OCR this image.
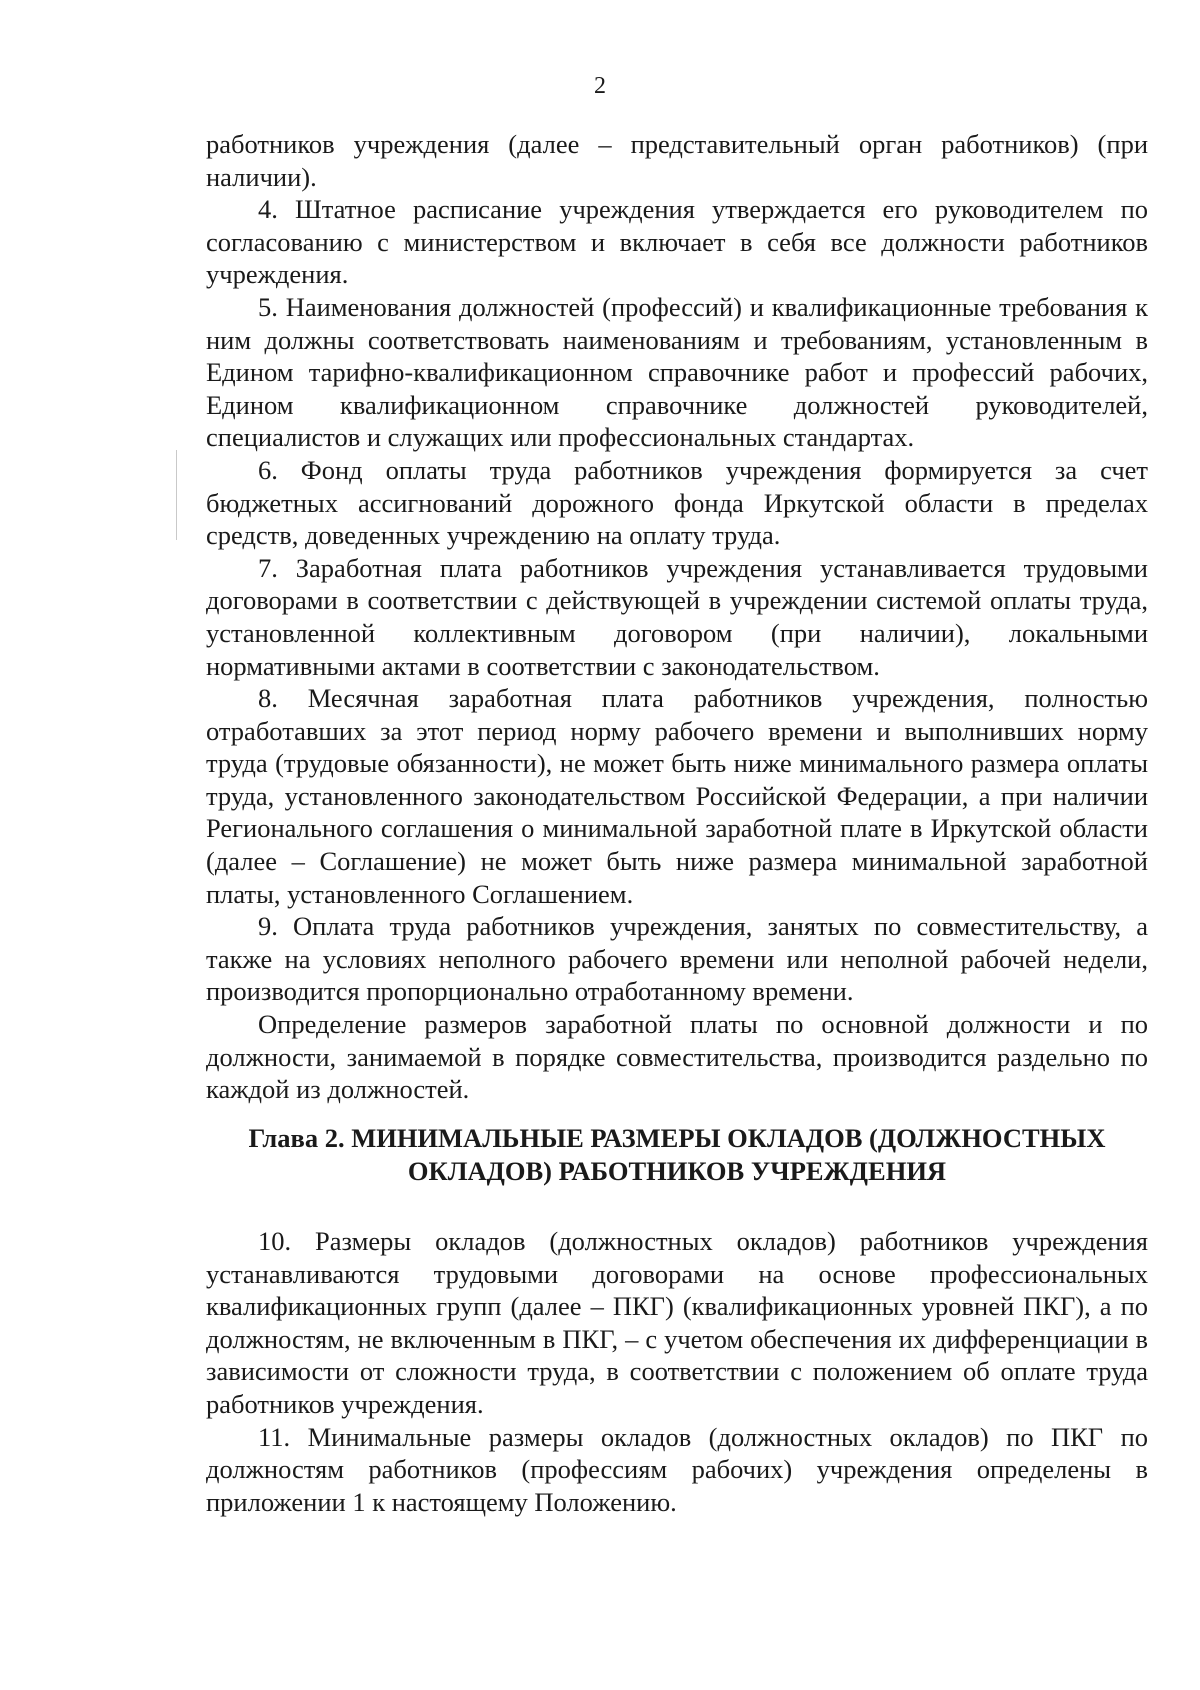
2

работников учреждения (далее – представительный орган работников) (при наличии).

4. Штатное расписание учреждения утверждается его руководителем по согласованию с министерством и включает в себя все должности работников учреждения.

5. Наименования должностей (профессий) и квалификационные требования к ним должны соответствовать наименованиям и требованиям, установленным в Едином тарифно-квалификационном справочнике работ и профессий рабочих, Едином квалификационном справочнике должностей руководителей, специалистов и служащих или профессиональных стандартах.

6. Фонд оплаты труда работников учреждения формируется за счет бюджетных ассигнований дорожного фонда Иркутской области в пределах средств, доведенных учреждению на оплату труда.

7. Заработная плата работников учреждения устанавливается трудовыми договорами в соответствии с действующей в учреждении системой оплаты труда, установленной коллективным договором (при наличии), локальными нормативными актами в соответствии с законодательством.

8. Месячная заработная плата работников учреждения, полностью отработавших за этот период норму рабочего времени и выполнивших норму труда (трудовые обязанности), не может быть ниже минимального размера оплаты труда, установленного законодательством Российской Федерации, а при наличии Регионального соглашения о минимальной заработной плате в Иркутской области (далее – Соглашение) не может быть ниже размера минимальной заработной платы, установленного Соглашением.

9. Оплата труда работников учреждения, занятых по совместительству, а также на условиях неполного рабочего времени или неполной рабочей недели, производится пропорционально отработанному времени.

Определение размеров заработной платы по основной должности и по должности, занимаемой в порядке совместительства, производится раздельно по каждой из должностей.

Глава 2. МИНИМАЛЬНЫЕ РАЗМЕРЫ ОКЛАДОВ (ДОЛЖНОСТНЫХ
ОКЛАДОВ) РАБОТНИКОВ УЧРЕЖДЕНИЯ

10. Размеры окладов (должностных окладов) работников учреждения устанавливаются трудовыми договорами на основе профессиональных квалификационных групп (далее – ПКГ) (квалификационных уровней ПКГ), а по должностям, не включенным в ПКГ, – с учетом обеспечения их дифференциации в зависимости от сложности труда, в соответствии с положением об оплате труда работников учреждения.

11. Минимальные размеры окладов (должностных окладов) по ПКГ по должностям работников (профессиям рабочих) учреждения определены в приложении 1 к настоящему Положению.
